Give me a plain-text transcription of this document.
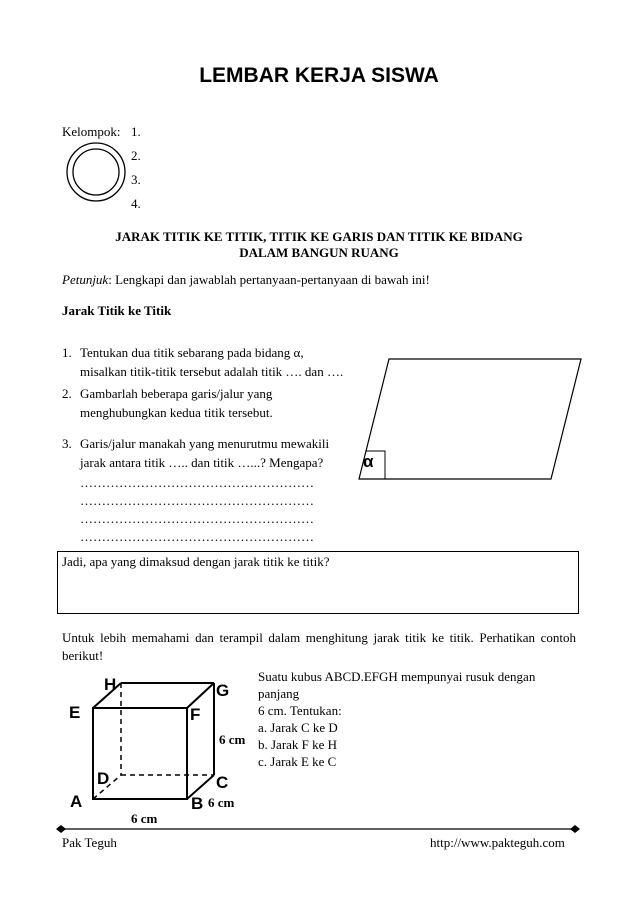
LEMBAR KERJA SISWA
Kelompok: 1.
2.
3.
4.
JARAK TITIK KE TITIK, TITIK KE GARIS DAN TITIK KE BIDANG
DALAM BANGUN RUANG
Petunjuk: Lengkapi dan jawablah pertanyaan-pertanyaan di bawah ini!
Jarak Titik ke Titik
1. Tentukan dua titik sebarang pada bidang α,
misalkan titik-titik tersebut adalah titik …. dan ….
2. Gambarlah beberapa garis/jalur yang
menghubungkan kedua titik tersebut.
3. Garis/jalur manakah yang menurutmu mewakili
jarak antara titik ….. dan titik …...? Mengapa?
………………………………………………
………………………………………………
………………………………………………
………………………………………………
α
Jadi, apa yang dimaksud dengan jarak titik ke titik?
Untuk lebih memahami dan terampil dalam menghitung jarak titik ke titik. Perhatikan contoh berikut!
Suatu kubus ABCD.EFGH mempunyai rusuk dengan panjang
6 cm. Tentukan:
a. Jarak C ke D
b. Jarak F ke H
c. Jarak E ke C
H	G
E	F
D	C
A	B
6 cm
6 cm
6 cm
Pak Teguh	http://www.pakteguh.com
